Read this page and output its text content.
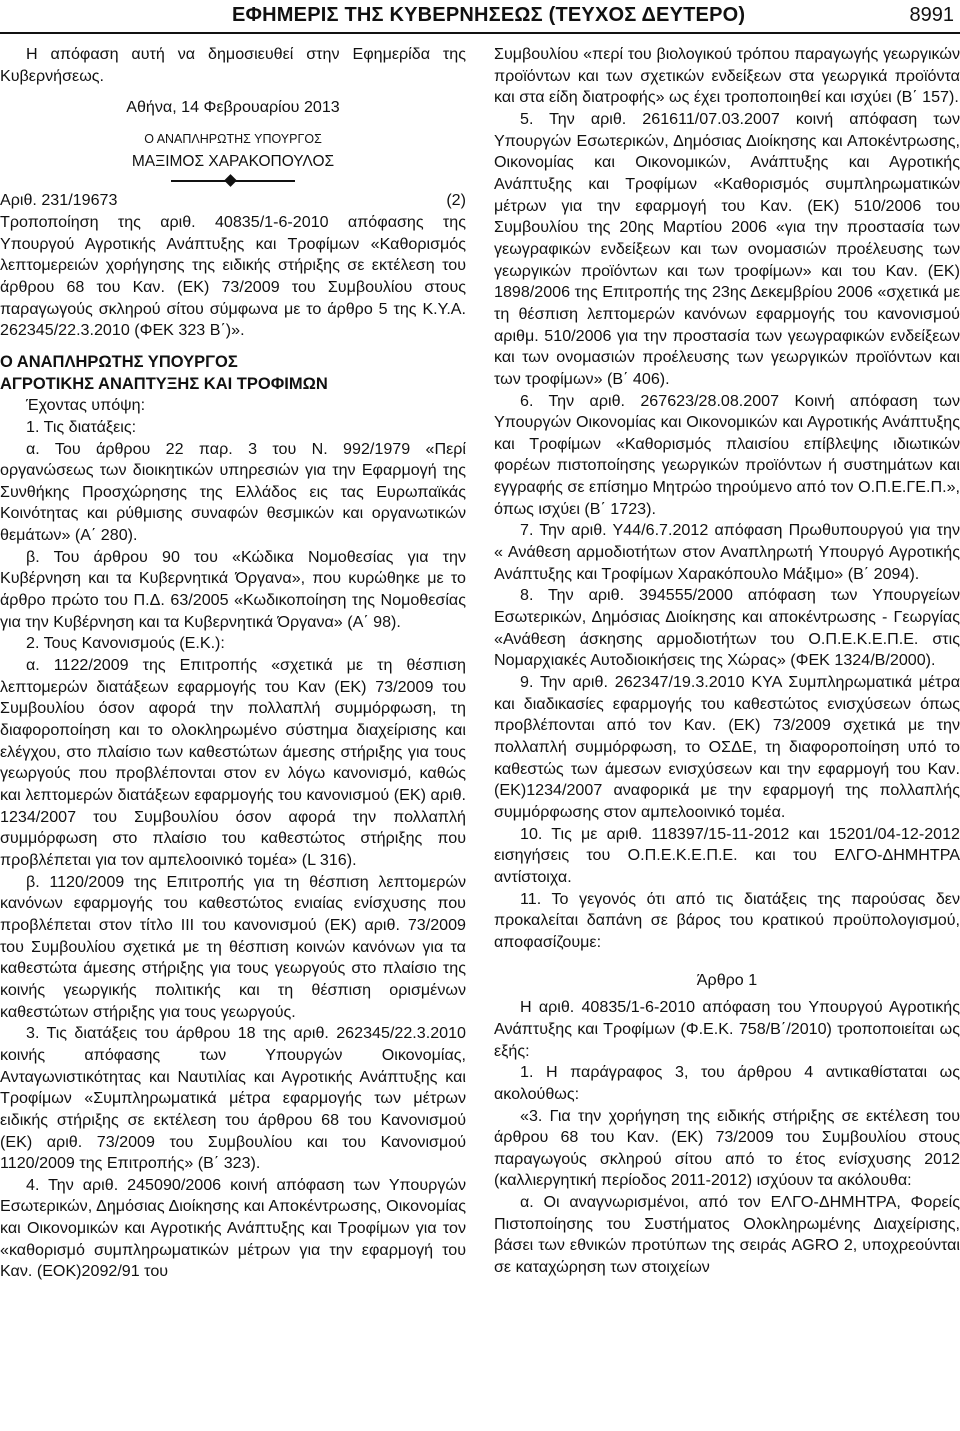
ΕΦΗΜΕΡΙΣ ΤΗΣ ΚΥΒΕΡΝΗΣΕΩΣ (ΤΕΥΧΟΣ ΔΕΥΤΕΡΟ)	8991

Η απόφαση αυτή να δημοσιευθεί στην Εφημερίδα της Κυβερνήσεως.

Αθήνα, 14 Φεβρουαρίου 2013

Ο ΑΝΑΠΛΗΡΩΤΗΣ ΥΠΟΥΡΓΟΣ

ΜΑΞΙΜΟΣ ΧΑΡΑΚΟΠΟΥΛΟΣ

Αριθ. 231/19673	(2)

Τροποποίηση της αριθ. 40835/1-6-2010 απόφασης της Υπουργού Αγροτικής Ανάπτυξης και Τροφίμων «Καθορισμός λεπτομερειών χορήγησης της ειδικής στήριξης σε εκτέλεση του άρθρου 68 του Καν. (ΕΚ) 73/2009 του Συμβουλίου στους παραγωγούς σκληρού σίτου σύμφωνα με το άρθρο 5 της Κ.Υ.Α. 262345/22.3.2010 (ΦΕΚ 323 Β΄)».

Ο ΑΝΑΠΛΗΡΩΤΗΣ ΥΠΟΥΡΓΟΣ

ΑΓΡΟΤΙΚΗΣ ΑΝΑΠΤΥΞΗΣ ΚΑΙ ΤΡΟΦΙΜΩΝ

Έχοντας υπόψη:

1. Τις διατάξεις:

α. Του άρθρου 22 παρ. 3 του Ν. 992/1979 «Περί οργανώσεως των διοικητικών υπηρεσιών για την Εφαρμογή της Συνθήκης Προσχώρησης της Ελλάδος εις τας Ευρωπαϊκάς Κοινότητας και ρύθμισης συναφών θεσμικών και οργανωτικών θεμάτων» (Α΄ 280).

β. Του άρθρου 90 του «Κώδικα Νομοθεσίας για την Κυβέρνηση και τα Κυβερνητικά Όργανα», που κυρώθηκε με το άρθρο πρώτο του Π.Δ. 63/2005 «Κωδικοποίηση της Νομοθεσίας για την Κυβέρνηση και τα Κυβερνητικά Όργανα» (Α΄ 98).

2. Τους Κανονισμούς (Ε.Κ.):

α. 1122/2009 της Επιτροπής «σχετικά με τη θέσπιση λεπτομερών διατάξεων εφαρμογής του Καν (ΕΚ) 73/2009 του Συμβουλίου όσον αφορά την πολλαπλή συμμόρφωση, τη διαφοροποίηση και το ολοκληρωμένο σύστημα διαχείρισης και ελέγχου, στο πλαίσιο των καθεστώτων άμεσης στήριξης για τους γεωργούς που προβλέπονται στον εν λόγω κανονισμό, καθώς και λεπτομερών διατάξεων εφαρμογής του κανονισμού (ΕΚ) αριθ. 1234/2007 του Συμβουλίου όσον αφορά την πολλαπλή συμμόρφωση στο πλαίσιο του καθεστώτος στήριξης που προβλέπεται για τον αμπελοοινικό τομέα» (L 316).

β. 1120/2009 της Επιτροπής για τη θέσπιση λεπτομερών κανόνων εφαρμογής του καθεστώτος ενιαίας ενίσχυσης που προβλέπεται στον τίτλο III του κανονισμού (ΕΚ) αριθ. 73/2009 του Συμβουλίου σχετικά με τη θέσπιση κοινών κανόνων για τα καθεστώτα άμεσης στήριξης για τους γεωργούς στο πλαίσιο της κοινής γεωργικής πολιτικής και τη θέσπιση ορισμένων καθεστώτων στήριξης για τους γεωργούς.

3. Τις διατάξεις του άρθρου 18 της αριθ. 262345/22.3.2010 κοινής απόφασης των Υπουργών Οικονομίας, Ανταγωνιστικότητας και Ναυτιλίας και Αγροτικής Ανάπτυξης και Τροφίμων «Συμπληρωματικά μέτρα εφαρμογής των μέτρων ειδικής στήριξης σε εκτέλεση του άρθρου 68 του Κανονισμού (ΕΚ) αριθ. 73/2009 του Συμβουλίου και του Κανονισμού 1120/2009 της Επιτροπής» (Β΄ 323).

4. Την αριθ. 245090/2006 κοινή απόφαση των Υπουργών Εσωτερικών, Δημόσιας Διοίκησης και Αποκέντρωσης, Οικονομίας και Οικονομικών και Αγροτικής Ανάπτυξης και Τροφίμων για τον «καθορισμό συμπληρωματικών μέτρων για την εφαρμογή του Καν. (ΕΟΚ)2092/91 του

Συμβουλίου «περί του βιολογικού τρόπου παραγωγής γεωργικών προϊόντων και των σχετικών ενδείξεων στα γεωργικά προϊόντα και στα είδη διατροφής» ως έχει τροποποιηθεί και ισχύει (Β΄ 157).

5. Την αριθ. 261611/07.03.2007 κοινή απόφαση των Υπουργών Εσωτερικών, Δημόσιας Διοίκησης και Αποκέντρωσης, Οικονομίας και Οικονομικών, Ανάπτυξης και Αγροτικής Ανάπτυξης και Τροφίμων «Καθορισμός συμπληρωματικών μέτρων για την εφαρμογή του Καν. (ΕΚ) 510/2006 του Συμβουλίου της 20ης Μαρτίου 2006 «για την προστασία των γεωγραφικών ενδείξεων και των ονομασιών προέλευσης των γεωργικών προϊόντων και των τροφίμων» και του Καν. (ΕΚ) 1898/2006 της Επιτροπής της 23ης Δεκεμβρίου 2006 «σχετικά με τη θέσπιση λεπτομερών κανόνων εφαρμογής του κανονισμού αριθμ. 510/2006 για την προστασία των γεωγραφικών ενδείξεων και των ονομασιών προέλευσης των γεωργικών προϊόντων και των τροφίμων» (Β΄ 406).

6. Την αριθ. 267623/28.08.2007 Κοινή απόφαση των Υπουργών Οικονομίας και Οικονομικών και Αγροτικής Ανάπτυξης και Τροφίμων «Καθορισμός πλαισίου επίβλεψης ιδιωτικών φορέων πιστοποίησης γεωργικών προϊόντων ή συστημάτων και εγγραφής σε επίσημο Μητρώο τηρούμενο από τον Ο.Π.Ε.ΓΕ.Π.», όπως ισχύει (Β΄ 1723).

7. Την αριθ. Υ44/6.7.2012 απόφαση Πρωθυπουργού για την « Ανάθεση αρμοδιοτήτων στον Αναπληρωτή Υπουργό Αγροτικής Ανάπτυξης και Τροφίμων Χαρακόπουλο Μάξιμο» (Β΄ 2094).

8. Την αριθ. 394555/2000 απόφαση των Υπουργείων Εσωτερικών, Δημόσιας Διοίκησης και αποκέντρωσης - Γεωργίας «Ανάθεση άσκησης αρμοδιοτήτων του Ο.Π.Ε.Κ.Ε.Π.Ε. στις Νομαρχιακές Αυτοδιοικήσεις της Χώρας» (ΦΕΚ 1324/Β/2000).

9. Την αριθ. 262347/19.3.2010 ΚΥΑ Συμπληρωματικά μέτρα και διαδικασίες εφαρμογής του καθεστώτος ενισχύσεων όπως προβλέπονται από τον Καν. (ΕΚ) 73/2009 σχετικά με την πολλαπλή συμμόρφωση, το ΟΣΔΕ, τη διαφοροποίηση υπό το καθεστώς των άμεσων ενισχύσεων και την εφαρμογή του Καν. (ΕΚ)1234/2007 αναφορικά με την εφαρμογή της πολλαπλής συμμόρφωσης στον αμπελοοινικό τομέα.

10. Τις με αριθ. 118397/15-11-2012 και 15201/04-12-2012 εισηγήσεις του Ο.Π.Ε.Κ.Ε.Π.Ε. και του ΕΛΓΟ-ΔΗΜΗΤΡΑ αντίστοιχα.

11. Το γεγονός ότι από τις διατάξεις της παρούσας δεν προκαλείται δαπάνη σε βάρος του κρατικού προϋπολογισμού, αποφασίζουμε:

Άρθρο 1

Η αριθ. 40835/1-6-2010 απόφαση του Υπουργού Αγροτικής Ανάπτυξης και Τροφίμων (Φ.Ε.Κ. 758/Β΄/2010) τροποποιείται ως εξής:

1. Η παράγραφος 3, του άρθρου 4 αντικαθίσταται ως ακολούθως:

«3. Για την χορήγηση της ειδικής στήριξης σε εκτέλεση του άρθρου 68 του Καν. (ΕΚ) 73/2009 του Συμβουλίου στους παραγωγούς σκληρού σίτου από το έτος ενίσχυσης 2012 (καλλιεργητική περίοδος 2011-2012) ισχύουν τα ακόλουθα:

α. Οι αναγνωρισμένοι, από τον ΕΛΓΟ-ΔΗΜΗΤΡΑ, Φορείς Πιστοποίησης του Συστήματος Ολοκληρωμένης Διαχείρισης, βάσει των εθνικών προτύπων της σειράς AGRO 2, υποχρεούνται σε καταχώρηση των στοιχείων
